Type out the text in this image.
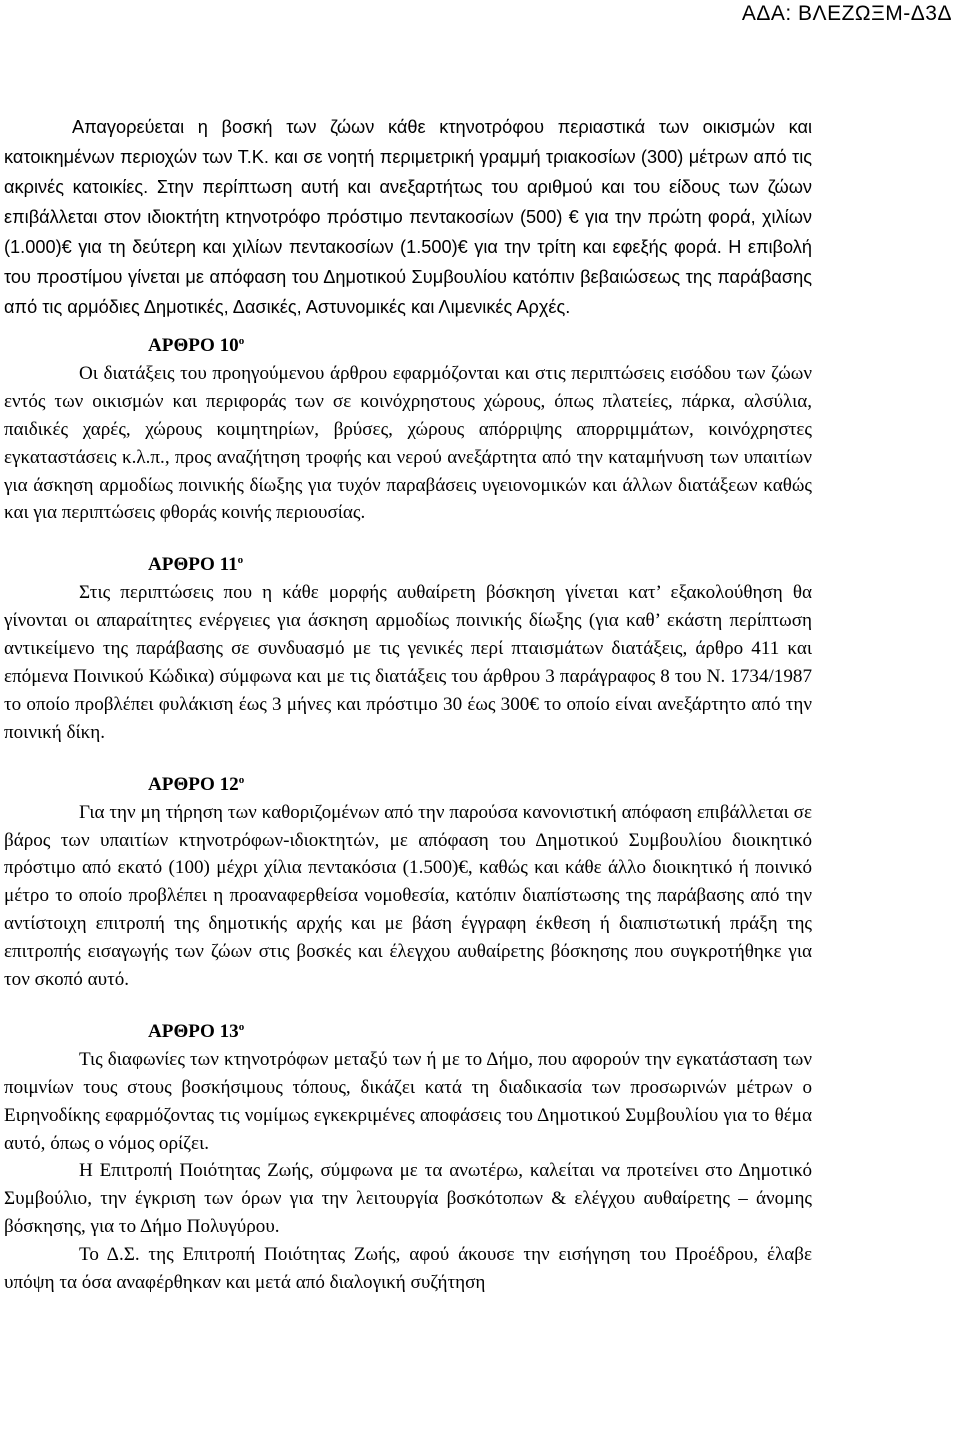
ΑΔΑ: ΒΛΕΖΩΞΜ-Δ3Δ

Απαγορεύεται η βοσκή των ζώων κάθε κτηνοτρόφου περιαστικά των οικισμών και κατοικημένων περιοχών των Τ.Κ. και σε νοητή περιμετρική γραμμή τριακοσίων (300) μέτρων από τις ακρινές κατοικίες. Στην περίπτωση αυτή και ανεξαρτήτως του αριθμού και του είδους των ζώων επιβάλλεται στον ιδιοκτήτη κτηνοτρόφο πρόστιμο πεντακοσίων (500) € για την πρώτη φορά, χιλίων (1.000)€ για τη δεύτερη και χιλίων πεντακοσίων (1.500)€ για την τρίτη και εφεξής φορά. Η επιβολή του προστίμου γίνεται με απόφαση του Δημοτικού Συμβουλίου κατόπιν βεβαιώσεως της παράβασης από τις αρμόδιες Δημοτικές, Δασικές, Αστυνομικές και Λιμενικές Αρχές.

ΑΡΘΡΟ $10^o$

Οι διατάξεις του προηγούμενου άρθρου εφαρμόζονται και στις περιπτώσεις εισόδου των ζώων εντός των οικισμών και περιφοράς των σε κοινόχρηστους χώρους, όπως πλατείες, πάρκα, αλσύλια, παιδικές χαρές, χώρους κοιμητηρίων, βρύσες, χώρους απόρριψης απορριμμάτων, κοινόχρηστες εγκαταστάσεις κ.λ.π., προς αναζήτηση τροφής και νερού ανεξάρτητα από την καταμήνυση των υπαιτίων για άσκηση αρμοδίως ποινικής δίωξης για τυχόν παραβάσεις υγειονομικών και άλλων διατάξεων καθώς και για περιπτώσεις φθοράς κοινής περιουσίας.

ΑΡΘΡΟ $11^o$

Στις περιπτώσεις που η κάθε μορφής αυθαίρετη βόσκηση γίνεται κατ’ εξακολούθηση θα γίνονται οι απαραίτητες ενέργειες για άσκηση αρμοδίως ποινικής δίωξης (για καθ’ εκάστη περίπτωση αντικείμενο της παράβασης σε συνδυασμό με τις γενικές περί πταισμάτων διατάξεις, άρθρο 411 και επόμενα Ποινικού Κώδικα) σύμφωνα και με τις διατάξεις του άρθρου 3 παράγραφος 8 του Ν. 1734/1987 το οποίο προβλέπει φυλάκιση έως 3 μήνες και πρόστιμο 30 έως 300€ το οποίο είναι ανεξάρτητο από την ποινική δίκη.

ΑΡΘΡΟ $12^o$

Για την μη τήρηση των καθοριζομένων από την παρούσα κανονιστική απόφαση επιβάλλεται σε βάρος των υπαιτίων κτηνοτρόφων-ιδιοκτητών, με απόφαση του Δημοτικού Συμβουλίου διοικητικό πρόστιμο από εκατό (100) μέχρι χίλια πεντακόσια (1.500)€, καθώς και κάθε άλλο διοικητικό ή ποινικό μέτρο το οποίο προβλέπει η προαναφερθείσα νομοθεσία, κατόπιν διαπίστωσης της παράβασης από την αντίστοιχη επιτροπή της δημοτικής αρχής και με βάση έγγραφη έκθεση ή διαπιστωτική πράξη της επιτροπής εισαγωγής των ζώων στις βοσκές και έλεγχου αυθαίρετης βόσκησης που συγκροτήθηκε για τον σκοπό αυτό.

ΑΡΘΡΟ $13^o$

Τις διαφωνίες των κτηνοτρόφων μεταξύ των ή με το Δήμο, που αφορούν την εγκατάσταση των ποιμνίων τους στους βοσκήσιμους τόπους, δικάζει κατά τη διαδικασία των προσωρινών μέτρων ο Ειρηνοδίκης εφαρμόζοντας τις νομίμως εγκεκριμένες αποφάσεις του Δημοτικού Συμβουλίου για το θέμα αυτό, όπως ο νόμος ορίζει.

Η Επιτροπή Ποιότητας Ζωής, σύμφωνα με τα ανωτέρω, καλείται να προτείνει στο Δημοτικό Συμβούλιο, την έγκριση των όρων για την λειτουργία βοσκότοπων & ελέγχου αυθαίρετης – άνομης βόσκησης, για το Δήμο Πολυγύρου.

Το Δ.Σ. της Επιτροπή Ποιότητας Ζωής, αφού άκουσε την εισήγηση του Προέδρου, έλαβε υπόψη τα όσα αναφέρθηκαν και μετά από διαλογική συζήτηση
